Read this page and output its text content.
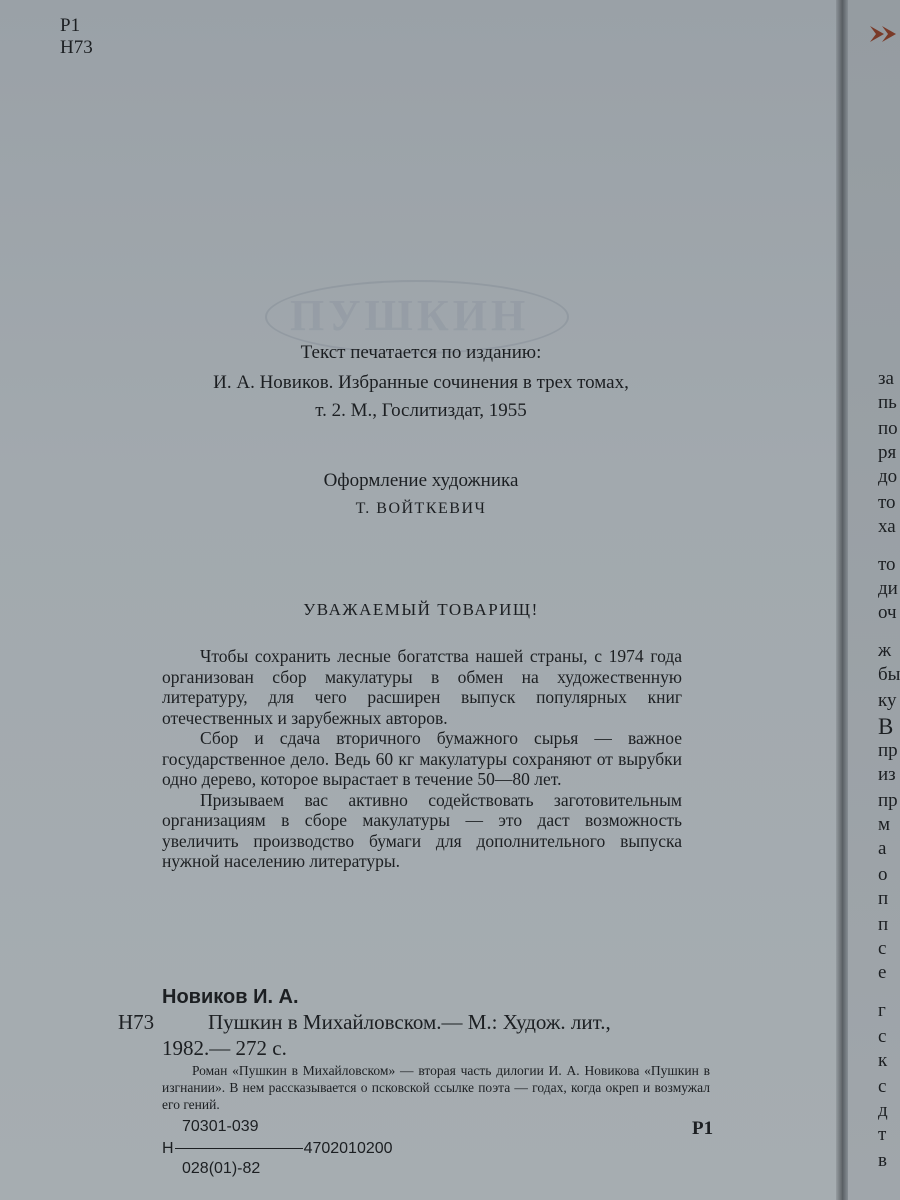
ПУШКИН
P1
H73
Текст печатается по изданию:
И. А. Новиков. Избранные сочинения в трех томах,
т. 2. М., Гослитиздат, 1955
Оформление художника
Т. ВОЙТКЕВИЧ
УВАЖАЕМЫЙ ТОВАРИЩ!

Чтобы сохранить лесные богатства нашей страны, с 1974 года организован сбор макулатуры в обмен на художественную литературу, для чего расширен выпуск популярных книг отечественных и зарубежных авторов.

Сбор и сдача вторичного бумажного сырья — важное государственное дело. Ведь 60 кг макулатуры сохраняют от вырубки одно дерево, которое вырастает в течение 50—80 лет.

Призываем вас активно содействовать заготовительным организациям в сборе макулатуры — это даст возможность увеличить производство бумаги для дополнительного выпуска нужной населению литературы.

Новиков И. А.
Н73	Пушкин в Михайловском.— М.: Худож. лит.,
1982.— 272 с.
Роман «Пушкин в Михайловском» — вторая часть дилогии И. А. Новикова «Пушкин в изгнании». В нем рассказывается о псковской ссылке поэта — годах, когда окреп и возмужал его гений.
70301-039
Н	4702010200
028(01)-82
Р1
за
пь
по
ря
до
то
ха
то
ди
оч
ж
бы
ку
В
пр
из
пр
м
а
о
п
п
с
е
г
с
к
с
д
т
в
